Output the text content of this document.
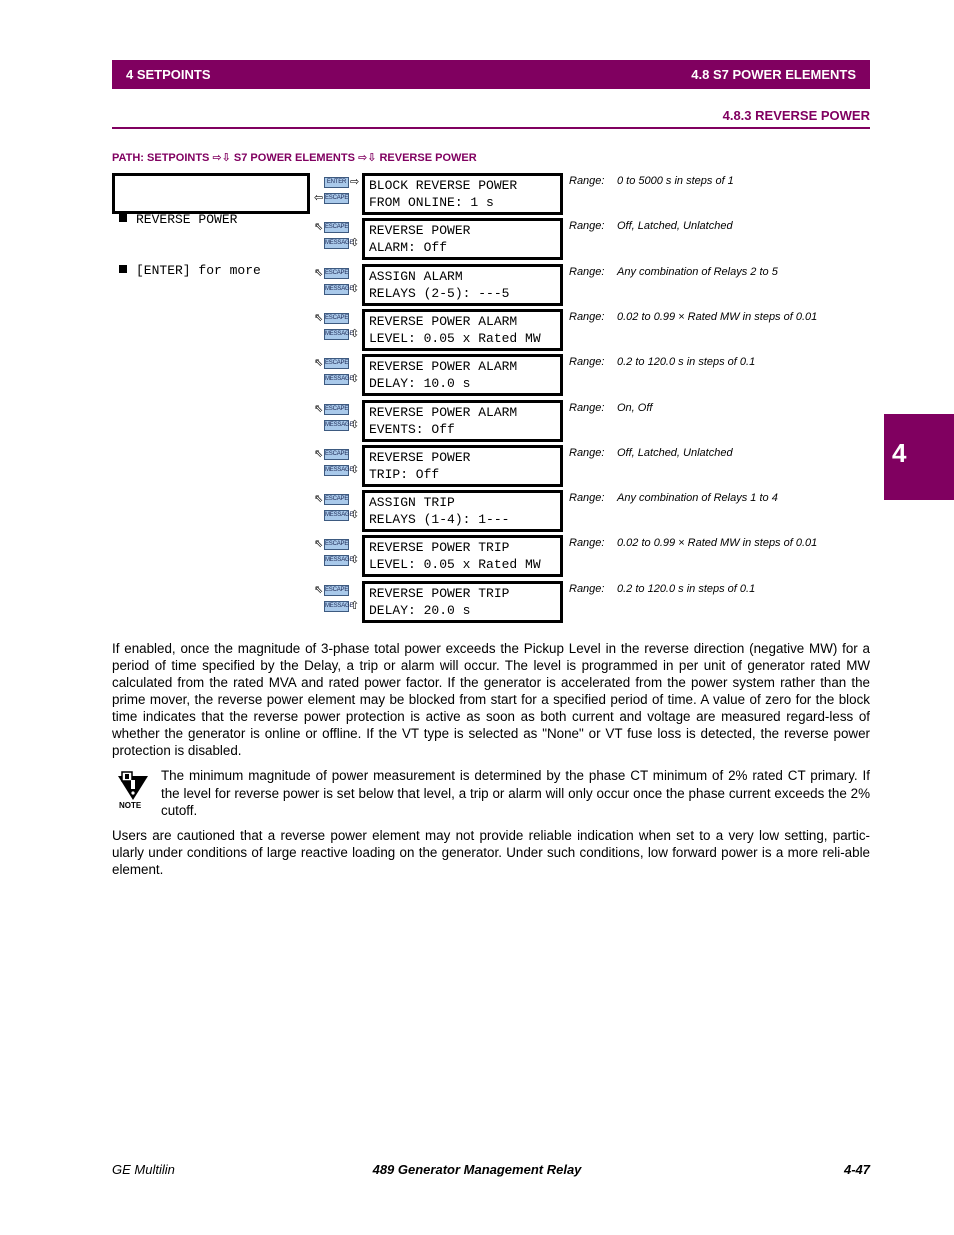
4 SETPOINTS	4.8 S7 POWER ELEMENTS
4.8.3 REVERSE POWER
PATH: SETPOINTS ⇨⇩ S7 POWER ELEMENTS ⇨⇩ REVERSE POWER
4

REVERSE POWER

[ENTER] for more

BLOCK REVERSE POWER
FROM ONLINE: 1 s
ENTER ⇨
ESCAPE
⇦
Range: 0 to 5000 s in steps of 1
REVERSE POWER
ALARM: Off
⇖ ESCAPE
MESSAGE
⇳
Range: Off, Latched, Unlatched
ASSIGN ALARM
RELAYS (2-5): ---5
⇖ ESCAPE
MESSAGE
⇳
Range: Any combination of Relays 2 to 5
REVERSE POWER ALARM
LEVEL: 0.05 x Rated MW
⇖ ESCAPE
MESSAGE
⇳
Range: 0.02 to 0.99 × Rated MW in steps of 0.01
REVERSE POWER ALARM
DELAY: 10.0 s
⇖ ESCAPE
MESSAGE
⇳
Range: 0.2 to 120.0 s in steps of 0.1
REVERSE POWER ALARM
EVENTS: Off
⇖ ESCAPE
MESSAGE
⇳
Range: On, Off
REVERSE POWER
TRIP: Off
⇖ ESCAPE
MESSAGE
⇳
Range: Off, Latched, Unlatched
ASSIGN TRIP
RELAYS (1-4): 1---
⇖ ESCAPE
MESSAGE
⇳
Range: Any combination of Relays 1 to 4
REVERSE POWER TRIP
LEVEL: 0.05 x Rated MW
⇖ ESCAPE
MESSAGE
⇳
Range: 0.02 to 0.99 × Rated MW in steps of 0.01
REVERSE POWER TRIP
DELAY: 20.0 s
⇖ ESCAPE
MESSAGE
⇧
Range: 0.2 to 120.0 s in steps of 0.1
If enabled, once the magnitude of 3-phase total power exceeds the Pickup Level in the reverse direction (negative MW) for a period of time specified by the Delay, a trip or alarm will occur. The level is programmed in per unit of generator rated MW calculated from the rated MVA and rated power factor. If the generator is accelerated from the power system rather than the prime mover, the reverse power element may be blocked from start for a specified period of time. A value of zero for the block time indicates that the reverse power protection is active as soon as both current and voltage are measured regard-less of whether the generator is online or offline. If the VT type is selected as "None" or VT fuse loss is detected, the reverse power protection is disabled.
NOTE
The minimum magnitude of power measurement is determined by the phase CT minimum of 2% rated CT primary. If the level for reverse power is set below that level, a trip or alarm will only occur once the phase current exceeds the 2% cutoff.
Users are cautioned that a reverse power element may not provide reliable indication when set to a very low setting, partic-ularly under conditions of large reactive loading on the generator. Under such conditions, low forward power is a more reli-able element.
GE Multilin	489 Generator Management Relay	4-47
